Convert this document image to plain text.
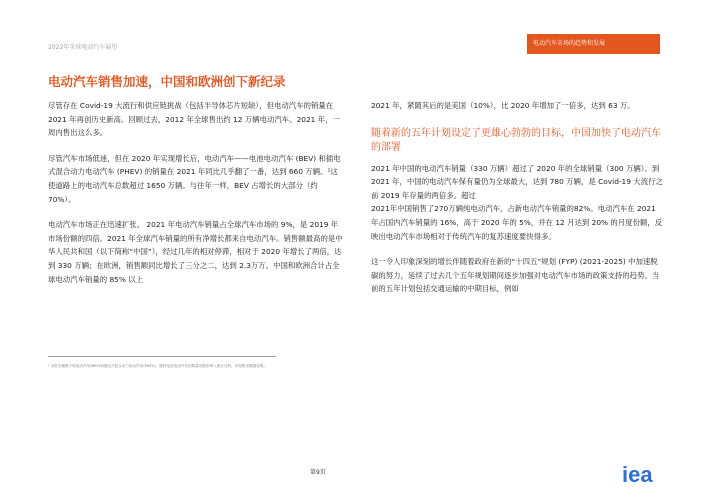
2022年全球电动汽车展望
电动汽车市场的趋势和发展
电动汽车销售加速，中国和欧洲创下新纪录

尽管存在 Covid-19 大流行和供应链挑战（包括半导体芯片短缺），但电动汽车的销量在 2021 年再创历史新高。回顾过去，2012 年全球售出约 12 万辆电动汽车。2021 年，一周内售出这么多。

尽管汽车市场低迷，但在 2020 年实现增长后，电动汽车——电池电动汽车 (BEV) 和插电式混合动力电动汽车 (PHEV) 的销量在 2021 年同比几乎翻了一番，达到 660 万辆。¹这使道路上的电动汽车总数超过 1650 万辆。与往年一样，BEV 占增长的大部分（约 70%）。

电动汽车市场正在迅速扩张。 2021 年电动汽车销量占全球汽车市场的 9%，是 2019 年市场份额的四倍。2021 年全球汽车销量的所有净增长都来自电动汽车。销售额最高的是中华人民共和国（以下简称“中国”），经过几年的相对停滞，相对于 2020 年增长了两倍，达到 330 万辆；在欧洲，销售额同比增长了三分之二，达到 2.3万万。中国和欧洲合计占全球电动汽车销量的 85% 以上

2021 年，紧随其后的是美国（10%），比 2020 年增加了一倍多，达到 63 万。

随着新的五年计划设定了更雄心勃勃的目标，中国加快了电动汽车的部署

2021 年中国的电动汽车销量（330 万辆）超过了 2020 年的全球销量（300 万辆）。到 2021 年，中国的电动汽车保有量仍为全球最大，达到 780 万辆，是 Covid-19 大流行之前 2019 年存量的两倍多。超过

2021年中国销售了270万辆纯电动汽车，占新电动汽车销量的82%。电动汽车在 2021 年占国内汽车销量的 16%，高于 2020 年的 5%，并在 12 月达到 20% 的月度份额，反映出电动汽车市场相对于传统汽车的复苏速度要快得多。

这一令人印象深刻的增长伴随着政府在新的“十四五”规划 (FYP) (2021-2025) 中加速脱碳的努力，延续了过去几个五年规划期间逐步加强对电动汽车市场的政策支持的趋势。当前的五年计划包括交通运输的中期目标，例如

¹ 本报告聚焦于纯电动汽车(BEV)和插电式混合动力电动汽车(PHEV)，燃料电池电动汽车因数量有限未纳入统计分析，详见附录数据说明。
第9页	iea
